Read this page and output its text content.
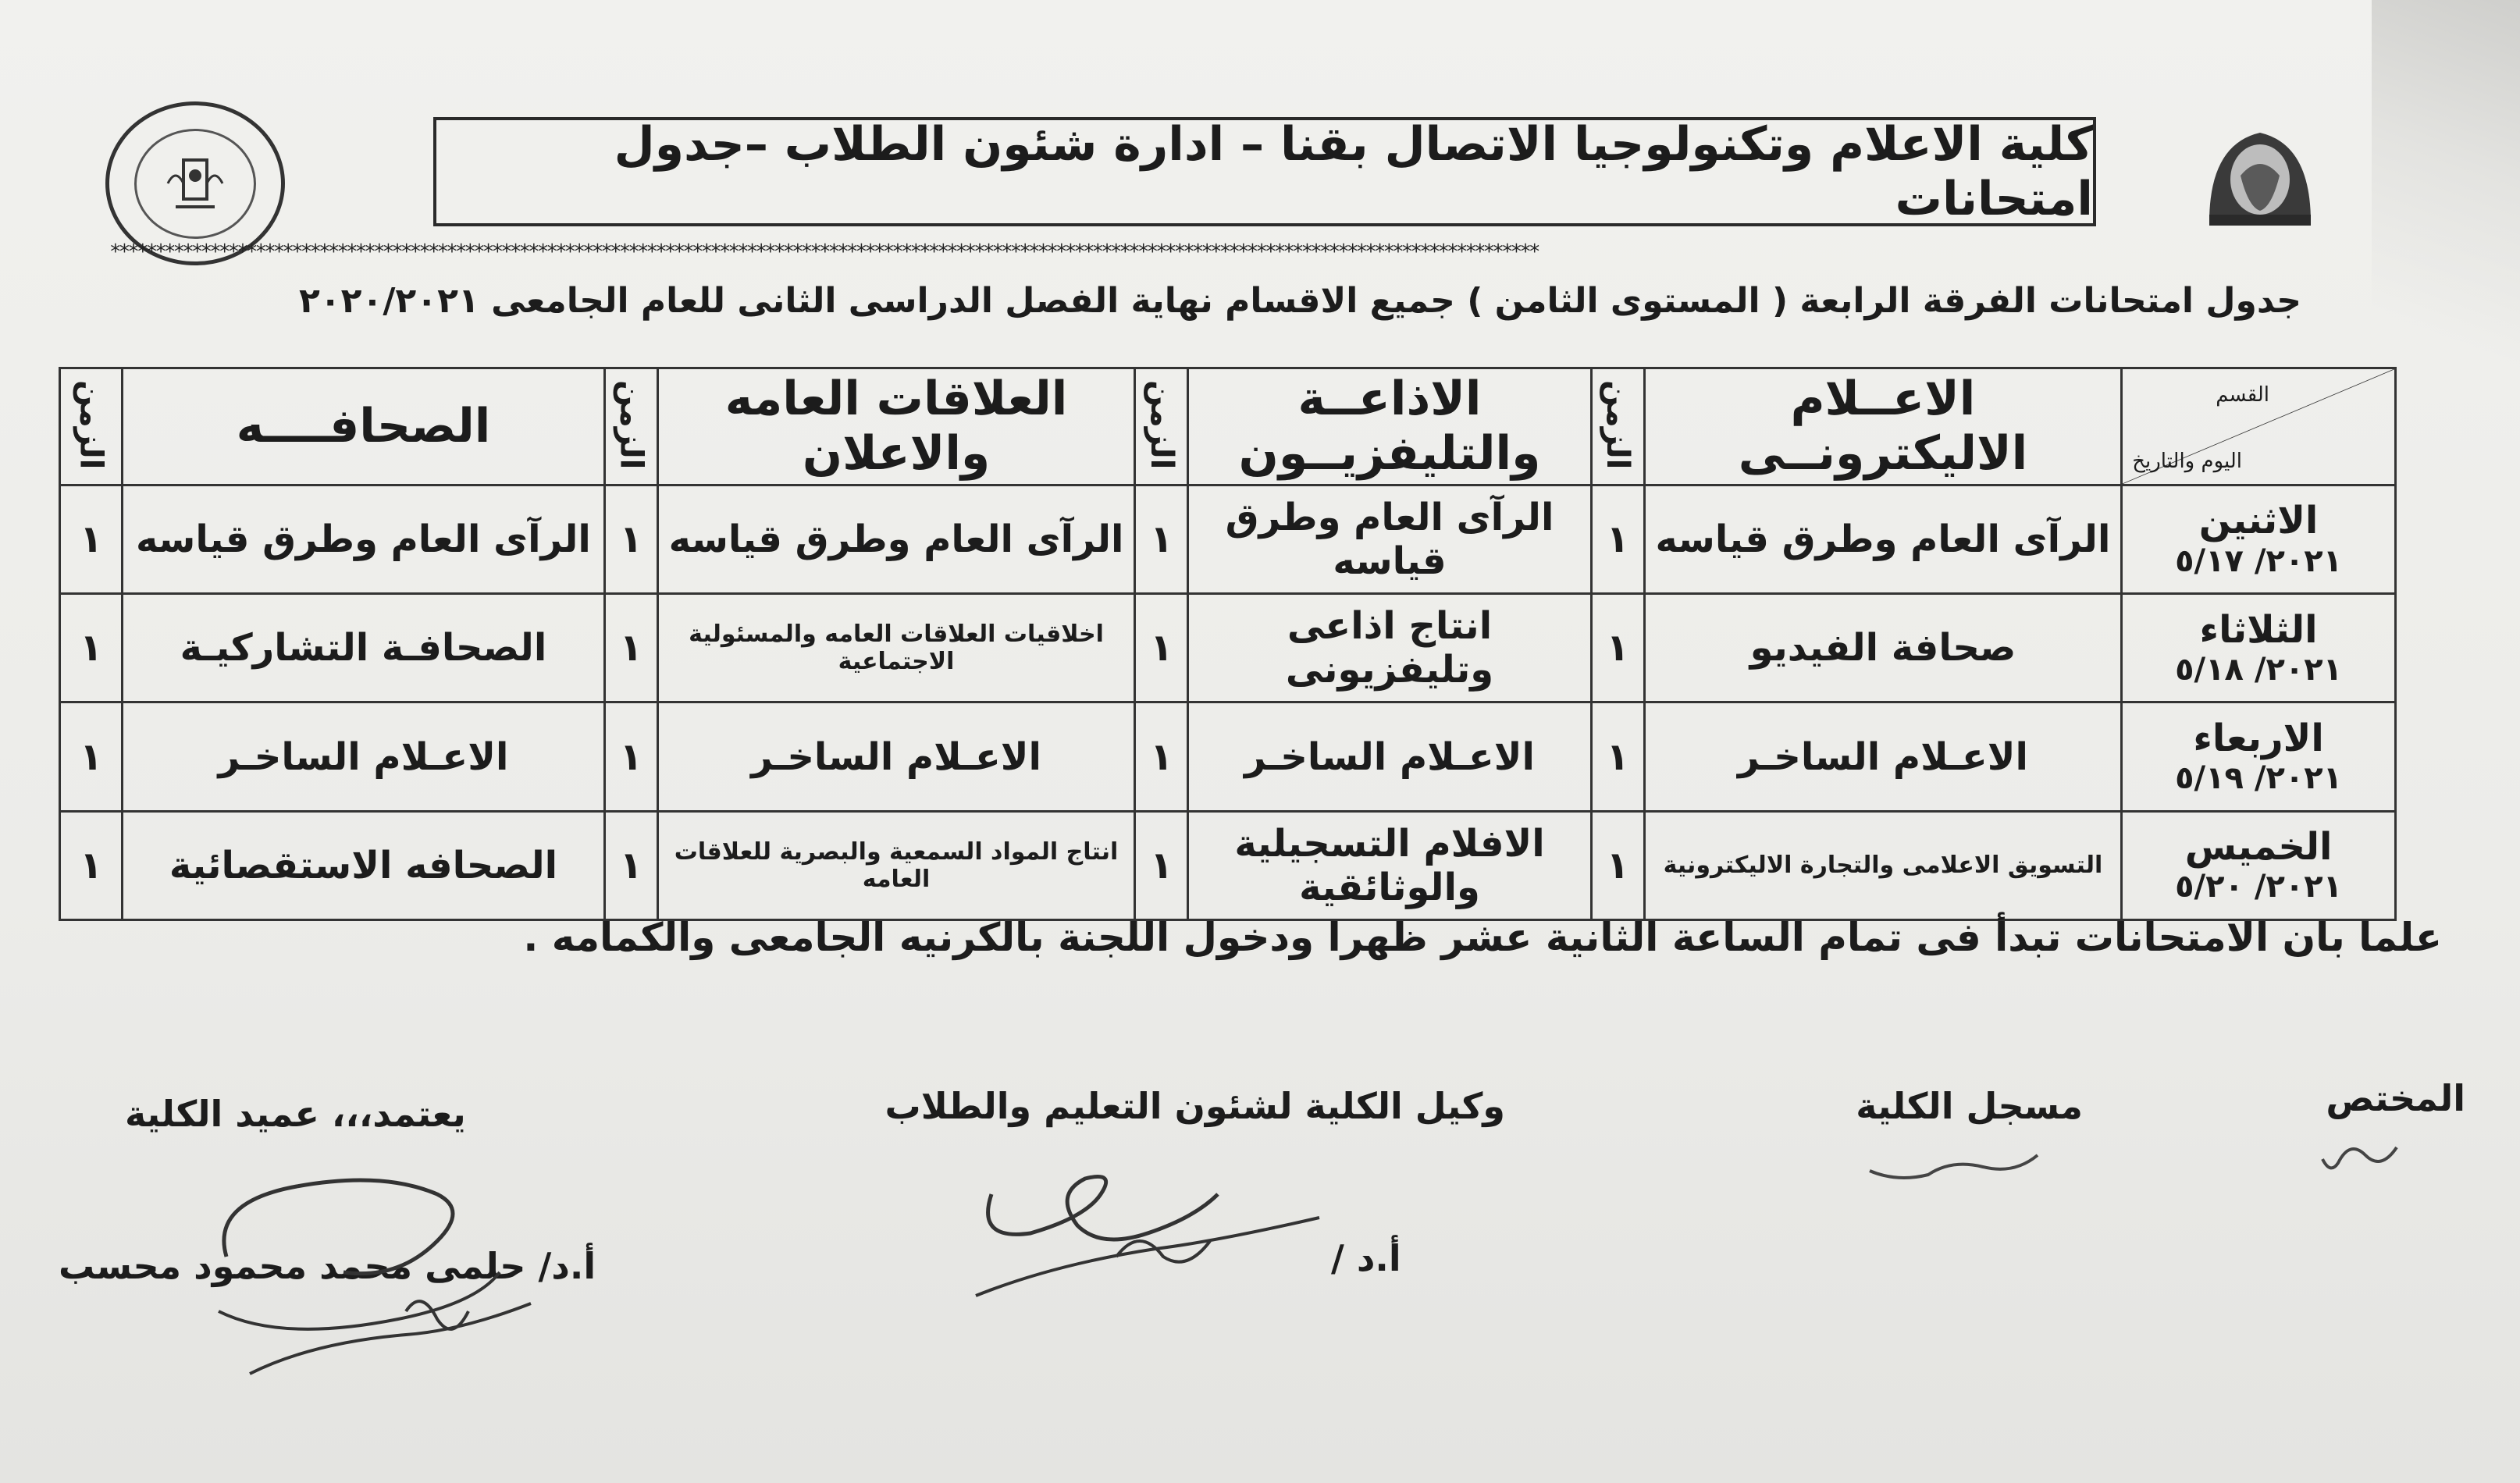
كلية الاعلام وتكنولوجيا الاتصال بقنا – ادارة شئون الطلاب –جدول امتحانات
*************************************************************************************************************************************************************
جدول امتحانات الفرقة الرابعة ( المستوى الثامن ) جميع الاقسام نهاية الفصل الدراسى الثانى للعام الجامعى ٢٠٢٠/٢٠٢١
القسم
اليوم والتاريخ	الاعــلام الاليكترونــى	الزمن	الاذاعــة والتليفزيــون	الزمن	العلاقات العامه والاعلان	الزمن	الصحافــــه	الزمن

الاثنين
٢٠٢١/ ٥/١٧	الرآى العام وطرق قياسه	١	الرآى العام وطرق قياسه	١	الرآى العام وطرق قياسه	١	الرآى العام وطرق قياسه	١

الثلاثاء
٢٠٢١/ ٥/١٨	صحافة الفيديو	١	انتاج اذاعى وتليفزيونى	١	اخلاقيات العلاقات العامه والمسئولية الاجتماعية	١	الصحافـة التشاركيـة	١

الاربعاء
٢٠٢١/ ٥/١٩	الاعـلام الساخـر	١	الاعـلام الساخـر	١	الاعـلام الساخـر	١	الاعـلام الساخـر	١

الخميس
٢٠٢١/ ٥/٢٠	التسويق الاعلامى والتجارة الاليكترونية	١	الافلام التسجيلية والوثائقية	١	انتاج المواد السمعية والبصرية للعلاقات العامه	١	الصحافه الاستقصائية	١
علما بان الامتحانات تبدأ فى تمام الساعة الثانية عشر ظهرا ودخول اللجنة بالكرنيه الجامعى والكمامه .
المختص
مسجل الكلية
وكيل الكلية لشئون التعليم والطلاب
أ.د /
يعتمد،،، عميد الكلية
أ.د/ حلمى محمد محمود محسب
